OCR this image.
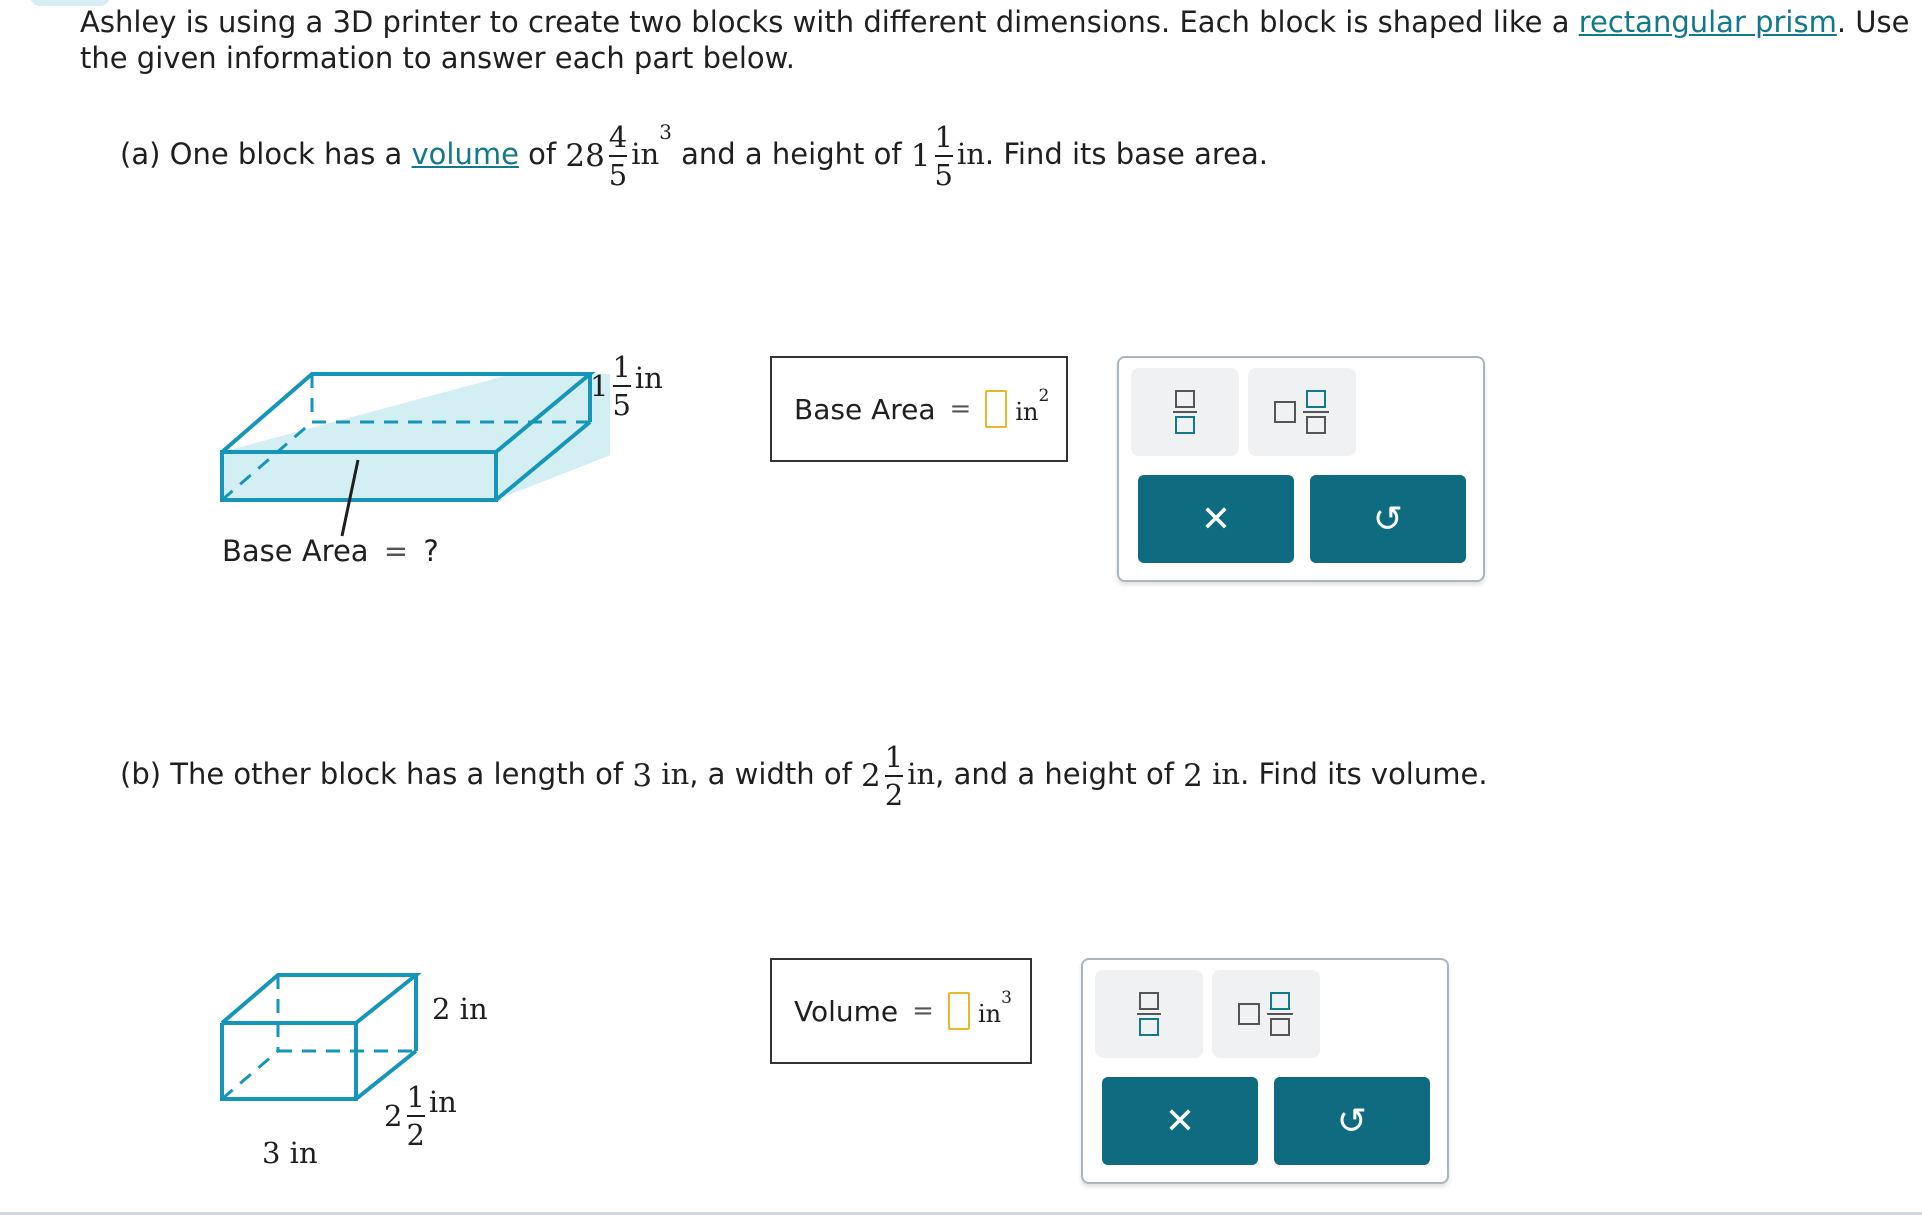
Ashley is using a 3D printer to create two blocks with different dimensions. Each block is shaped like a rectangular prism. Use the given information to answer each part below.
(a) One block has a volume of $28 \frac{4}{5} in^3$ and a height of $1 \frac{1}{5}$ in. Find its base area.
$1 \frac{1}{5}$ in
Base Area = ?
Base Area = $in^2$
✕	↺
(b) The other block has a length of 3 in, a width of $2 \frac{1}{2}$ in, and a height of 2 in. Find its volume.
2 in
3 in
$2 \frac{1}{2}$ in
Volume = $in^3$
✕	↺
